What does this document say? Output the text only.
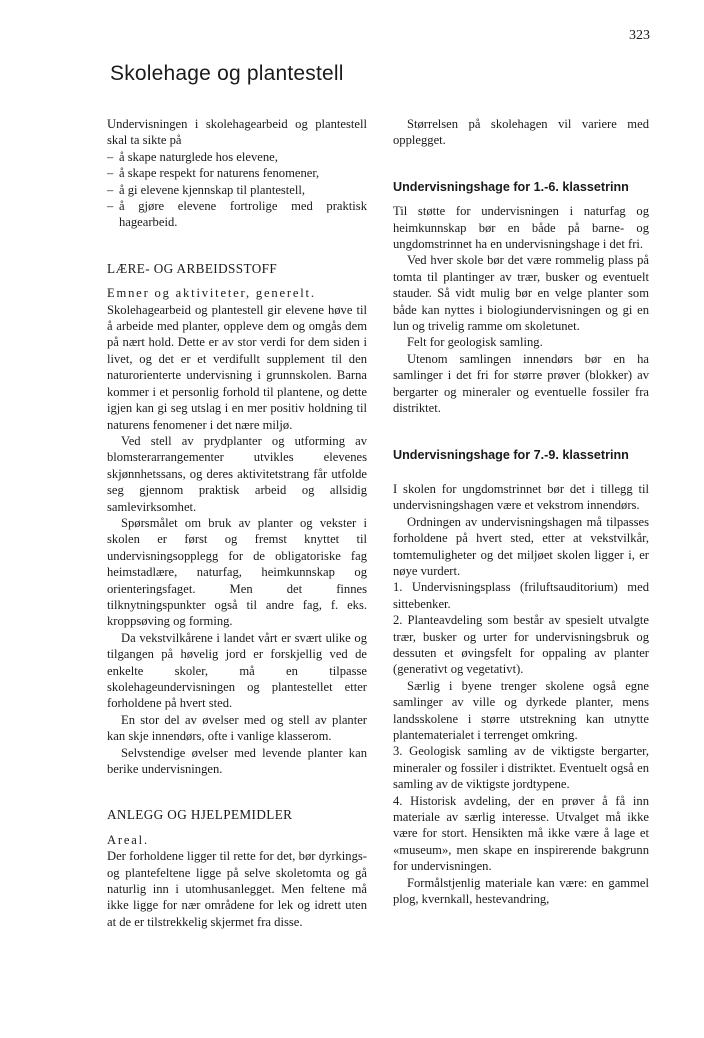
323
Skolehage og plantestell

Undervisningen i skolehagearbeid og plantestell skal ta sikte på

– å skape naturglede hos elevene,
– å skape respekt for naturens fenomener,
– å gi elevene kjennskap til plantestell,
– å gjøre elevene fortrolige med praktisk hagearbeid.
LÆRE- OG ARBEIDSSTOFF

Emner og aktiviteter, generelt.

Skolehagearbeid og plantestell gir elevene høve til å arbeide med planter, oppleve dem og omgås dem på nært hold. Dette er av stor verdi for dem siden i livet, og det er et verdifullt supplement til den naturorienterte undervisning i grunnskolen. Barna kommer i et personlig forhold til plantene, og dette igjen kan gi seg utslag i en mer positiv holdning til naturens fenomener i det nære miljø.

Ved stell av prydplanter og utforming av blomsterarrangementer utvikles elevenes skjønnhetssans, og deres aktivitetstrang får utfolde seg gjennom praktisk arbeid og allsidig samlevirksomhet.

Spørsmålet om bruk av planter og vekster i skolen er først og fremst knyttet til undervisningsopplegg for de obligatoriske fag heimstadlære, naturfag, heimkunnskap og orienteringsfaget. Men det finnes tilknytningspunkter også til andre fag, f. eks. kroppsøving og forming.

Da vekstvilkårene i landet vårt er svært ulike og tilgangen på høvelig jord er forskjellig ved de enkelte skoler, må en tilpasse skolehageundervisningen og plantestellet etter forholdene på hvert sted.

En stor del av øvelser med og stell av planter kan skje innendørs, ofte i vanlige klasserom.

Selvstendige øvelser med levende planter kan berike undervisningen.

ANLEGG OG HJELPEMIDLER

Areal.

Der forholdene ligger til rette for det, bør dyrkings- og plantefeltene ligge på selve skoletomta og gå naturlig inn i utomhusanlegget. Men feltene må ikke ligge for nær områdene for lek og idrett uten at de er tilstrekkelig skjermet fra disse.

Størrelsen på skolehagen vil variere med opplegget.

Undervisningshage for 1.-6. klassetrinn

Til støtte for undervisningen i naturfag og heimkunnskap bør en både på barne- og ungdomstrinnet ha en undervisningshage i det fri.

Ved hver skole bør det være rommelig plass på tomta til plantinger av trær, busker og eventuelt stauder. Så vidt mulig bør en velge planter som både kan nyttes i biologiundervisningen og gi en lun og trivelig ramme om skoletunet.

Felt for geologisk samling.

Utenom samlingen innendørs bør en ha samlinger i det fri for større prøver (blokker) av bergarter og mineraler og eventuelle fossiler fra distriktet.

Undervisningshage for 7.-9. klassetrinn

I skolen for ungdomstrinnet bør det i tillegg til undervisningshagen være et vekstrom innendørs.

Ordningen av undervisningshagen må tilpasses forholdene på hvert sted, etter at vekstvilkår, tomtemuligheter og det miljøet skolen ligger i, er nøye vurdert.

1. Undervisningsplass (friluftsauditorium) med sittebenker.

2. Planteavdeling som består av spesielt utvalgte trær, busker og urter for undervisningsbruk og dessuten et øvingsfelt for oppaling av planter (generativt og vegetativt).

Særlig i byene trenger skolene også egne samlinger av ville og dyrkede planter, mens landsskolene i større utstrekning kan utnytte plantematerialet i terrenget omkring.

3. Geologisk samling av de viktigste bergarter, mineraler og fossiler i distriktet. Eventuelt også en samling av de viktigste jordtypene.

4. Historisk avdeling, der en prøver å få inn materiale av særlig interesse. Utvalget må ikke være for stort. Hensikten må ikke være å lage et «museum», men skape en inspirerende bakgrunn for undervisningen.

Formålstjenlig materiale kan være: en gammel plog, kvernkall, hestevandring,
